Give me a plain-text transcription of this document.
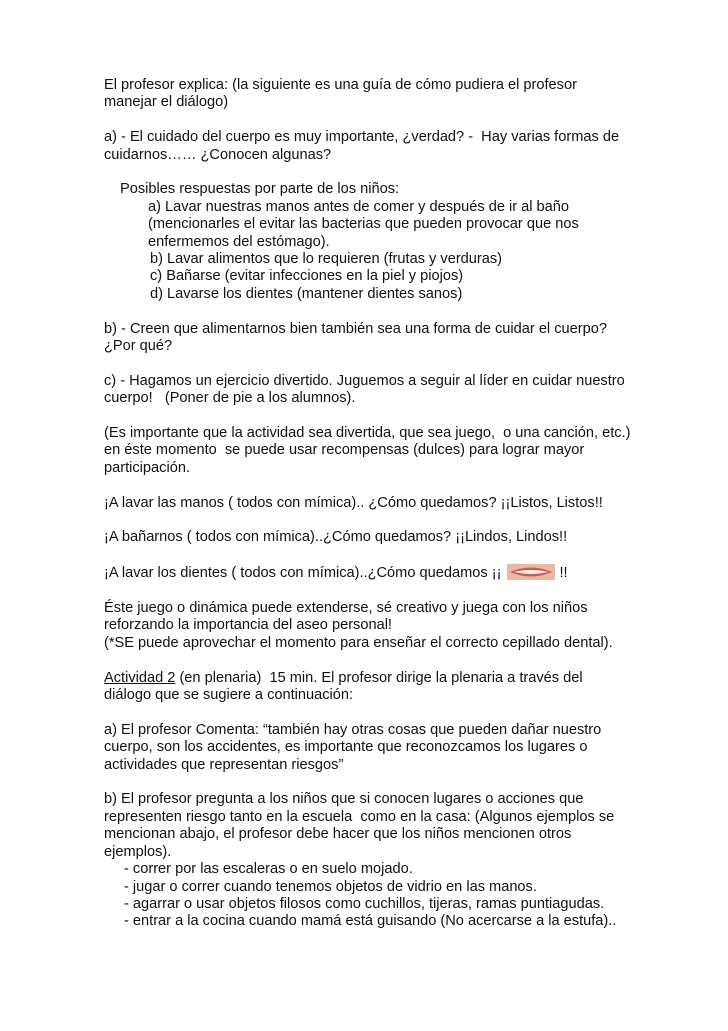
El profesor explica: (la siguiente es una guía de cómo pudiera el profesor manejar el diálogo)

a) - El cuidado del cuerpo es muy importante, ¿verdad? -  Hay varias formas de cuidarnos…… ¿Conocen algunas?

Posibles respuestas por parte de los niños:

a) Lavar nuestras manos antes de comer y después de ir al baño (mencionarles el evitar las bacterias que pueden provocar que nos enfermemos del estómago).

b) Lavar alimentos que lo requieren (frutas y verduras)

c) Bañarse (evitar infecciones en la piel y piojos)

d) Lavarse los dientes (mantener dientes sanos)

b) - Creen que alimentarnos bien también sea una forma de cuidar el cuerpo? ¿Por qué?

c) - Hagamos un ejercicio divertido. Juguemos a seguir al líder en cuidar nuestro cuerpo!   (Poner de pie a los alumnos).

(Es importante que la actividad sea divertida, que sea juego,  o una canción, etc.) en éste momento  se puede usar recompensas (dulces) para lograr mayor participación.

¡A lavar las manos ( todos con mímica).. ¿Cómo quedamos? ¡¡Listos, Listos!!

¡A bañarnos ( todos con mímica)..¿Cómo quedamos? ¡¡Lindos, Lindos!!

¡A lavar los dientes ( todos con mímica)..¿Cómo quedamos ¡¡	!!

Éste juego o dinámica puede extenderse, sé creativo y juega con los niños reforzando la importancia del aseo personal!
(*SE puede aprovechar el momento para enseñar el correcto cepillado dental).

Actividad 2 (en plenaria)  15 min. El profesor dirige la plenaria a través del diálogo que se sugiere a continuación:

a) El profesor Comenta: “también hay otras cosas que pueden dañar nuestro cuerpo, son los accidentes, es importante que reconozcamos los lugares o actividades que representan riesgos”

b) El profesor pregunta a los niños que si conocen lugares o acciones que representen riesgo tanto en la escuela  como en la casa: (Algunos ejemplos se mencionan abajo, el profesor debe hacer que los niños mencionen otros ejemplos).

- correr por las escaleras o en suelo mojado.

- jugar o correr cuando tenemos objetos de vidrio en las manos.

- agarrar o usar objetos filosos como cuchillos, tijeras, ramas puntiagudas.

- entrar a la cocina cuando mamá está guisando (No acercarse a la estufa)..
